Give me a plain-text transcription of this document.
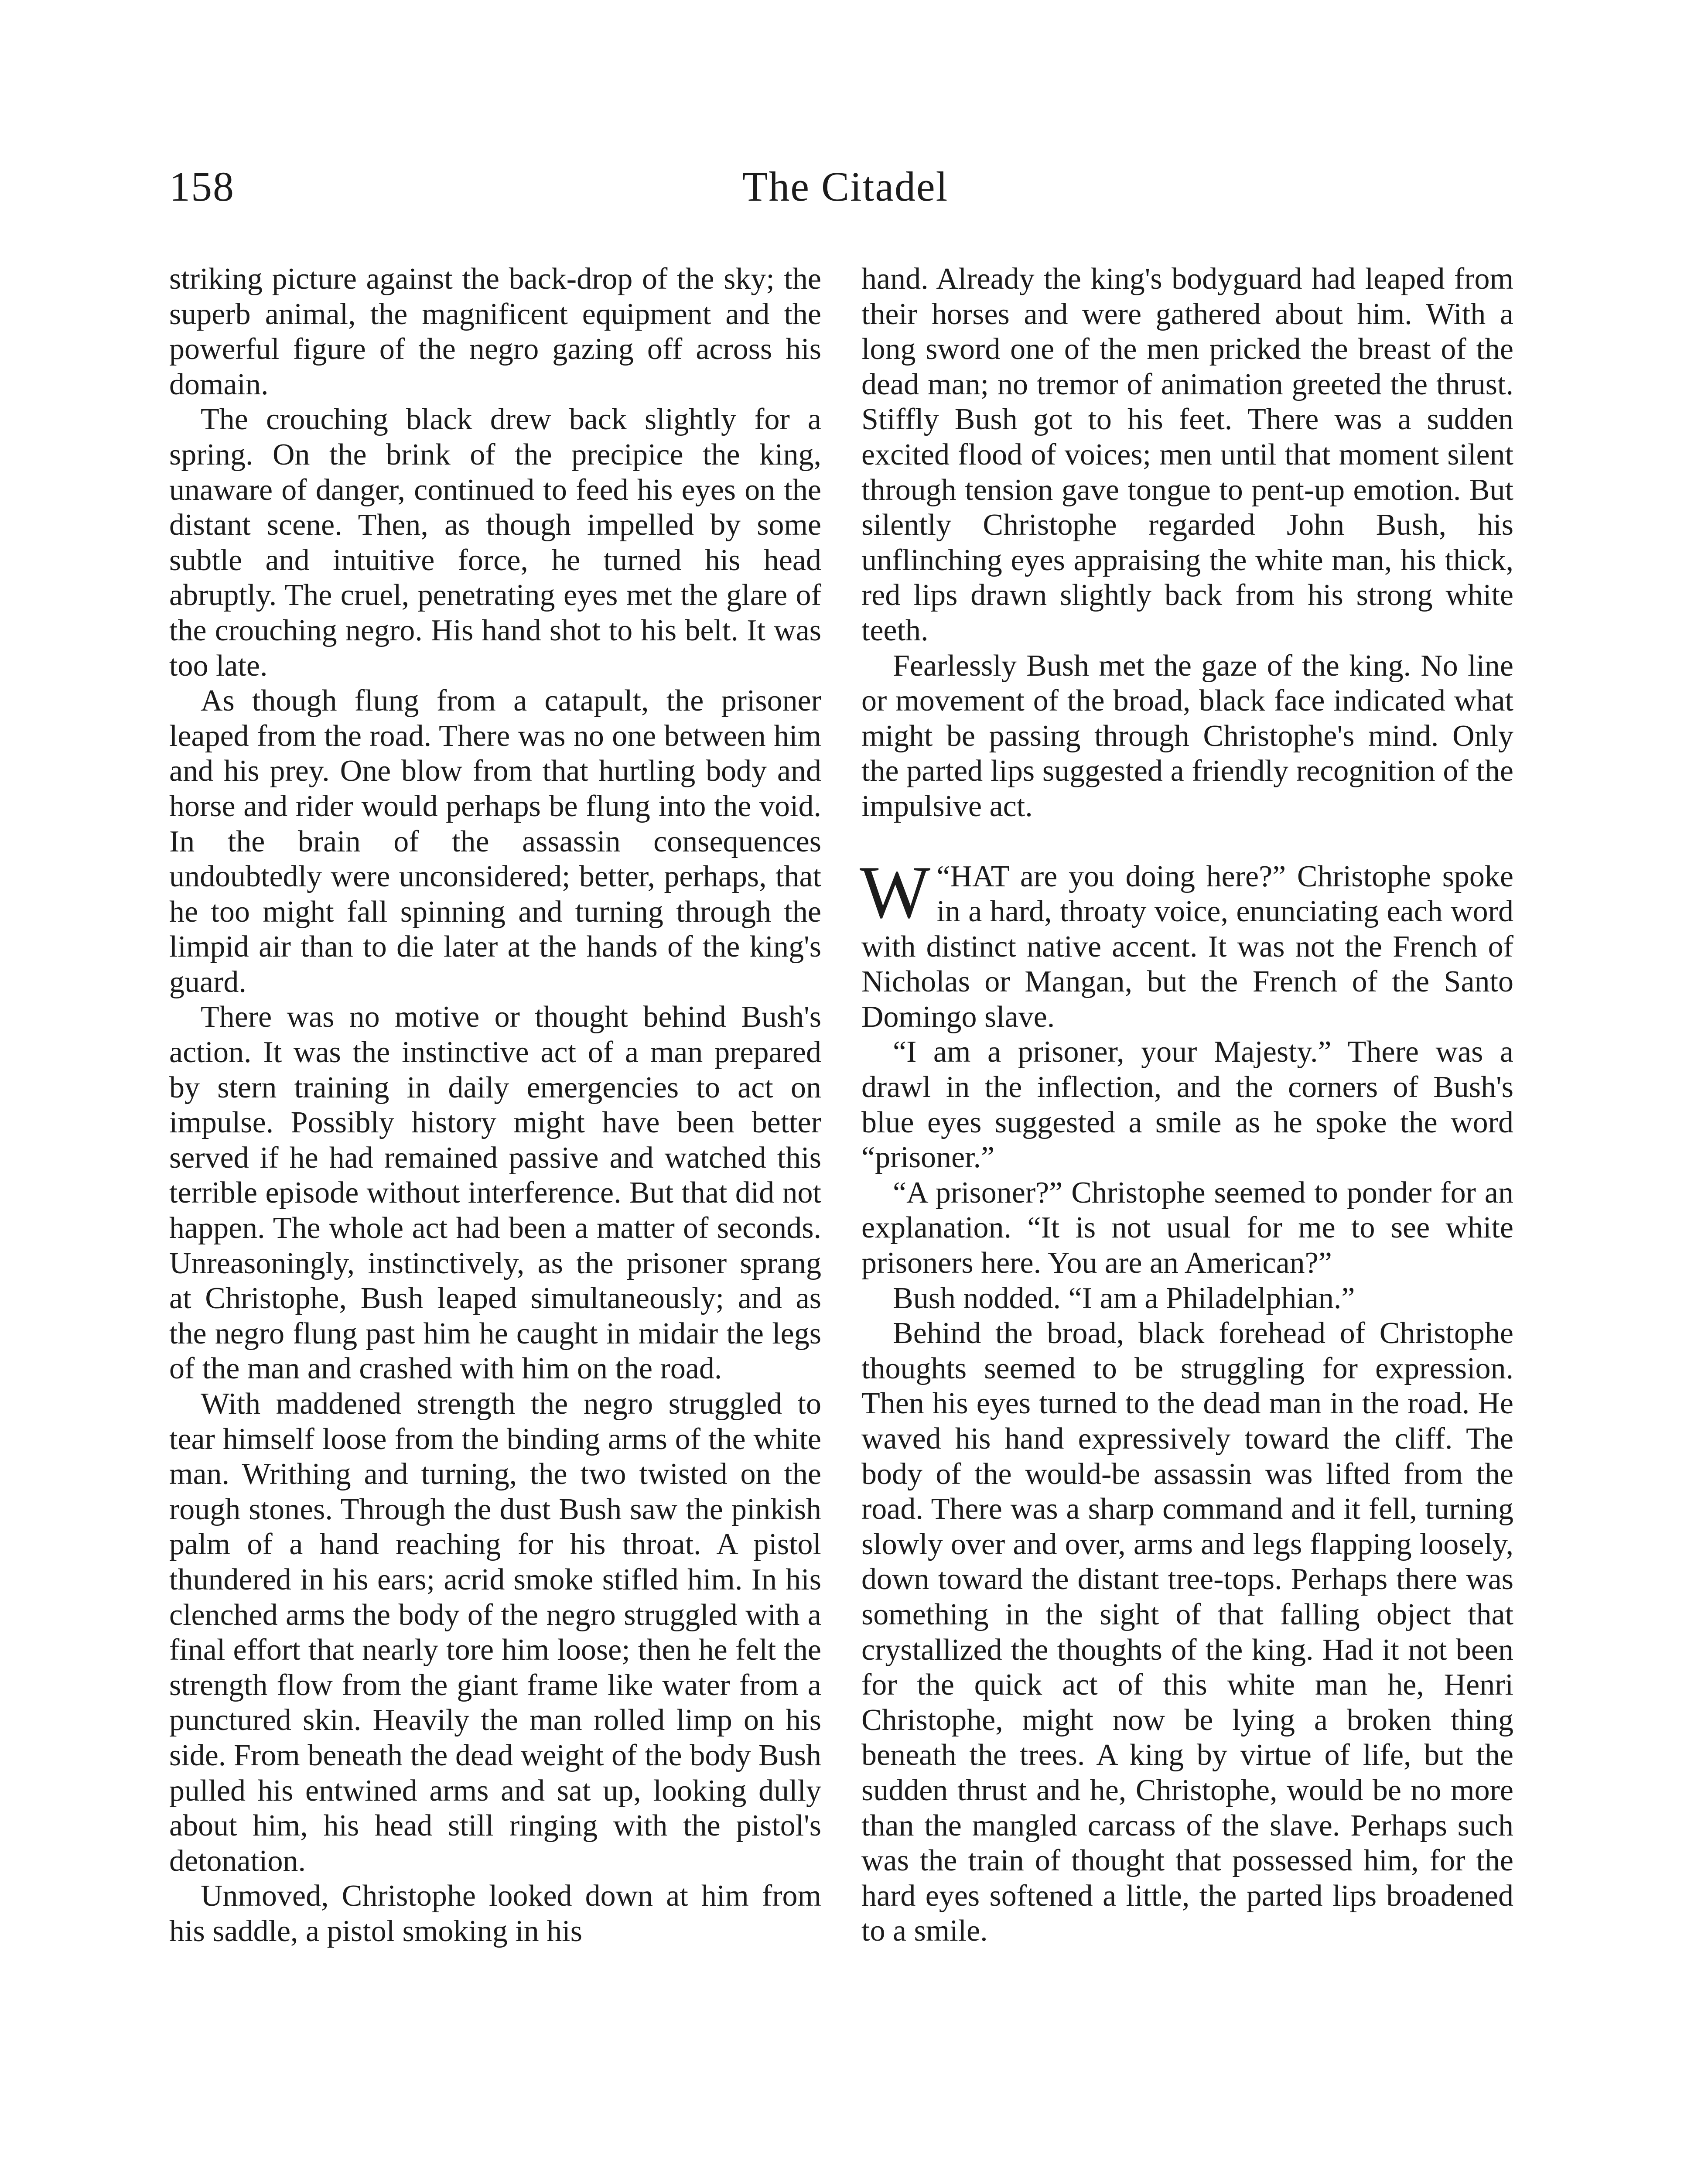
158	The Citadel

striking picture against the back-drop of the sky; the superb animal, the magnificent equipment and the powerful figure of the negro gazing off across his domain.

The crouching black drew back slightly for a spring. On the brink of the precipice the king, unaware of danger, continued to feed his eyes on the distant scene. Then, as though impelled by some subtle and intuitive force, he turned his head abruptly. The cruel, penetrating eyes met the glare of the crouching negro. His hand shot to his belt. It was too late.

As though flung from a catapult, the prisoner leaped from the road. There was no one between him and his prey. One blow from that hurtling body and horse and rider would perhaps be flung into the void. In the brain of the assassin consequences undoubtedly were unconsidered; better, perhaps, that he too might fall spinning and turning through the limpid air than to die later at the hands of the king's guard.

There was no motive or thought behind Bush's action. It was the instinctive act of a man prepared by stern training in daily emergencies to act on impulse. Possibly history might have been better served if he had remained passive and watched this terrible episode without interference. But that did not happen. The whole act had been a matter of seconds. Unreasoningly, instinctively, as the prisoner sprang at Christophe, Bush leaped simultaneously; and as the negro flung past him he caught in midair the legs of the man and crashed with him on the road.

With maddened strength the negro struggled to tear himself loose from the binding arms of the white man. Writhing and turning, the two twisted on the rough stones. Through the dust Bush saw the pinkish palm of a hand reaching for his throat. A pistol thundered in his ears; acrid smoke stifled him. In his clenched arms the body of the negro struggled with a final effort that nearly tore him loose; then he felt the strength flow from the giant frame like water from a punctured skin. Heavily the man rolled limp on his side. From beneath the dead weight of the body Bush pulled his entwined arms and sat up, looking dully about him, his head still ringing with the pistol's detonation.

Unmoved, Christophe looked down at him from his saddle, a pistol smoking in his

hand. Already the king's bodyguard had leaped from their horses and were gathered about him. With a long sword one of the men pricked the breast of the dead man; no tremor of animation greeted the thrust. Stiffly Bush got to his feet. There was a sudden excited flood of voices; men until that moment silent through tension gave tongue to pent-up emotion. But silently Christophe regarded John Bush, his unflinching eyes appraising the white man, his thick, red lips drawn slightly back from his strong white teeth.

Fearlessly Bush met the gaze of the king. No line or movement of the broad, black face indicated what might be passing through Christophe's mind. Only the parted lips suggested a friendly recognition of the impulsive act.

“
W HAT are you doing here?” Christophe spoke in a hard, throaty voice, enunciating each word with distinct native accent. It was not the French of Nicholas or Mangan, but the French of the Santo Domingo slave.

“I am a prisoner, your Majesty.” There was a drawl in the inflection, and the corners of Bush's blue eyes suggested a smile as he spoke the word “prisoner.”

“A prisoner?” Christophe seemed to ponder for an explanation. “It is not usual for me to see white prisoners here. You are an American?”

Bush nodded. “I am a Philadelphian.”

Behind the broad, black forehead of Christophe thoughts seemed to be struggling for expression. Then his eyes turned to the dead man in the road. He waved his hand expressively toward the cliff. The body of the would-be assassin was lifted from the road. There was a sharp command and it fell, turning slowly over and over, arms and legs flapping loosely, down toward the distant tree-tops. Perhaps there was something in the sight of that falling object that crystallized the thoughts of the king. Had it not been for the quick act of this white man he, Henri Christophe, might now be lying a broken thing beneath the trees. A king by virtue of life, but the sudden thrust and he, Christophe, would be no more than the mangled carcass of the slave. Perhaps such was the train of thought that possessed him, for the hard eyes softened a little, the parted lips broadened to a smile.
